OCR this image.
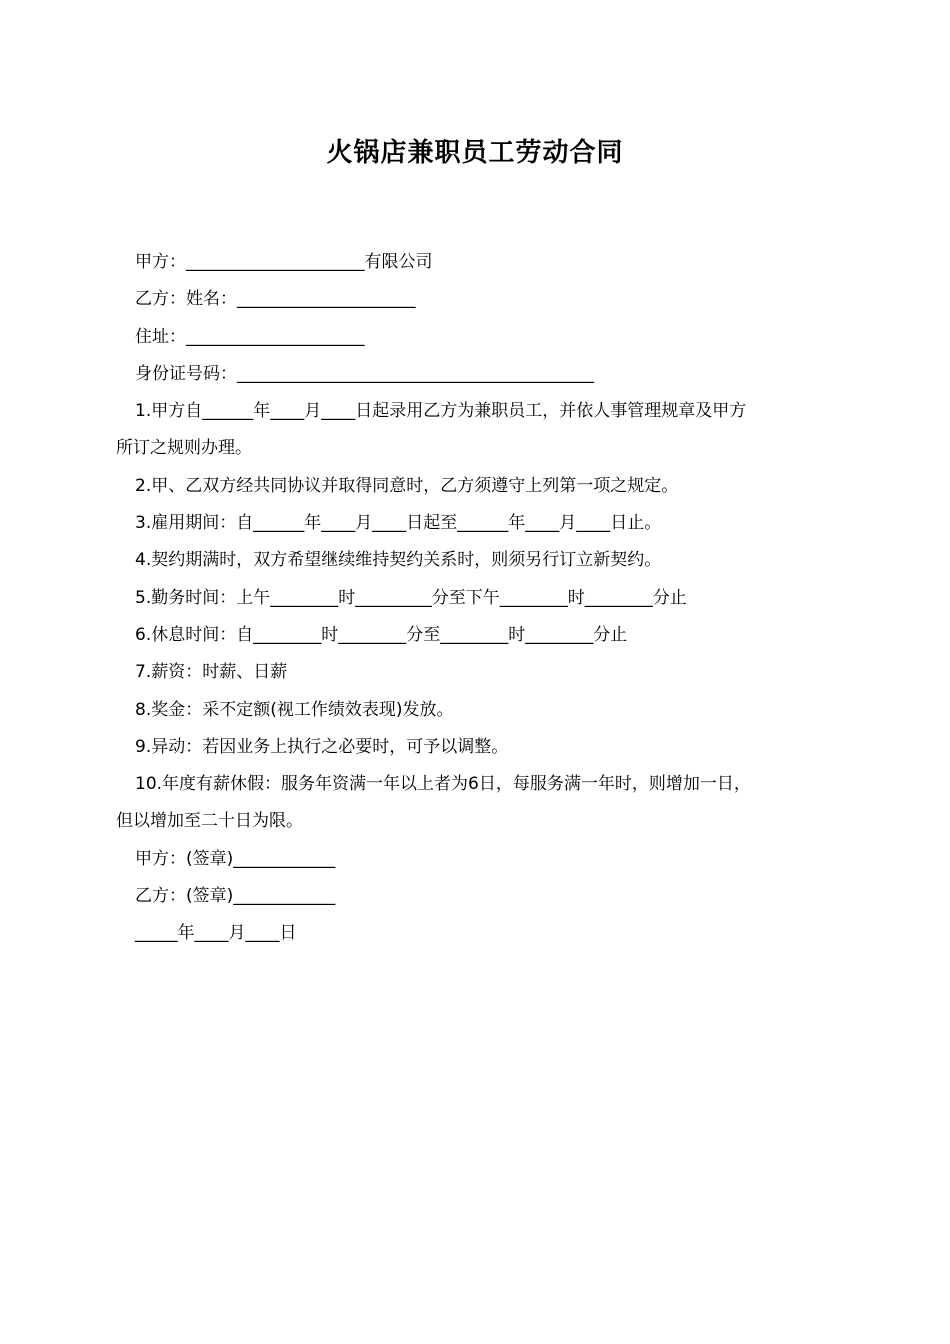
火锅店兼职员工劳动合同

甲方：_____________________有限公司

乙方：姓名：_____________________

住址：_____________________

身份证号码：__________________________________________

1.甲方自______年____月____日起录用乙方为兼职员工，并依人事管理规章及甲方

所订之规则办理。

2.甲、乙双方经共同协议并取得同意时，乙方须遵守上列第一项之规定。

3.雇用期间：自______年____月____日起至______年____月____日止。

4.契约期满时，双方希望继续维持契约关系时，则须另行订立新契约。

5.勤务时间：上午________时_________分至下午________时________分止

6.休息时间：自________时________分至________时________分止

7.薪资：时薪、日薪

8.奖金：采不定额(视工作绩效表现)发放。

9.异动：若因业务上执行之必要时，可予以调整。

10.年度有薪休假：服务年资满一年以上者为6日，每服务满一年时，则增加一日，

但以增加至二十日为限。

甲方：(签章)____________

乙方：(签章)____________

_____年____月____日
